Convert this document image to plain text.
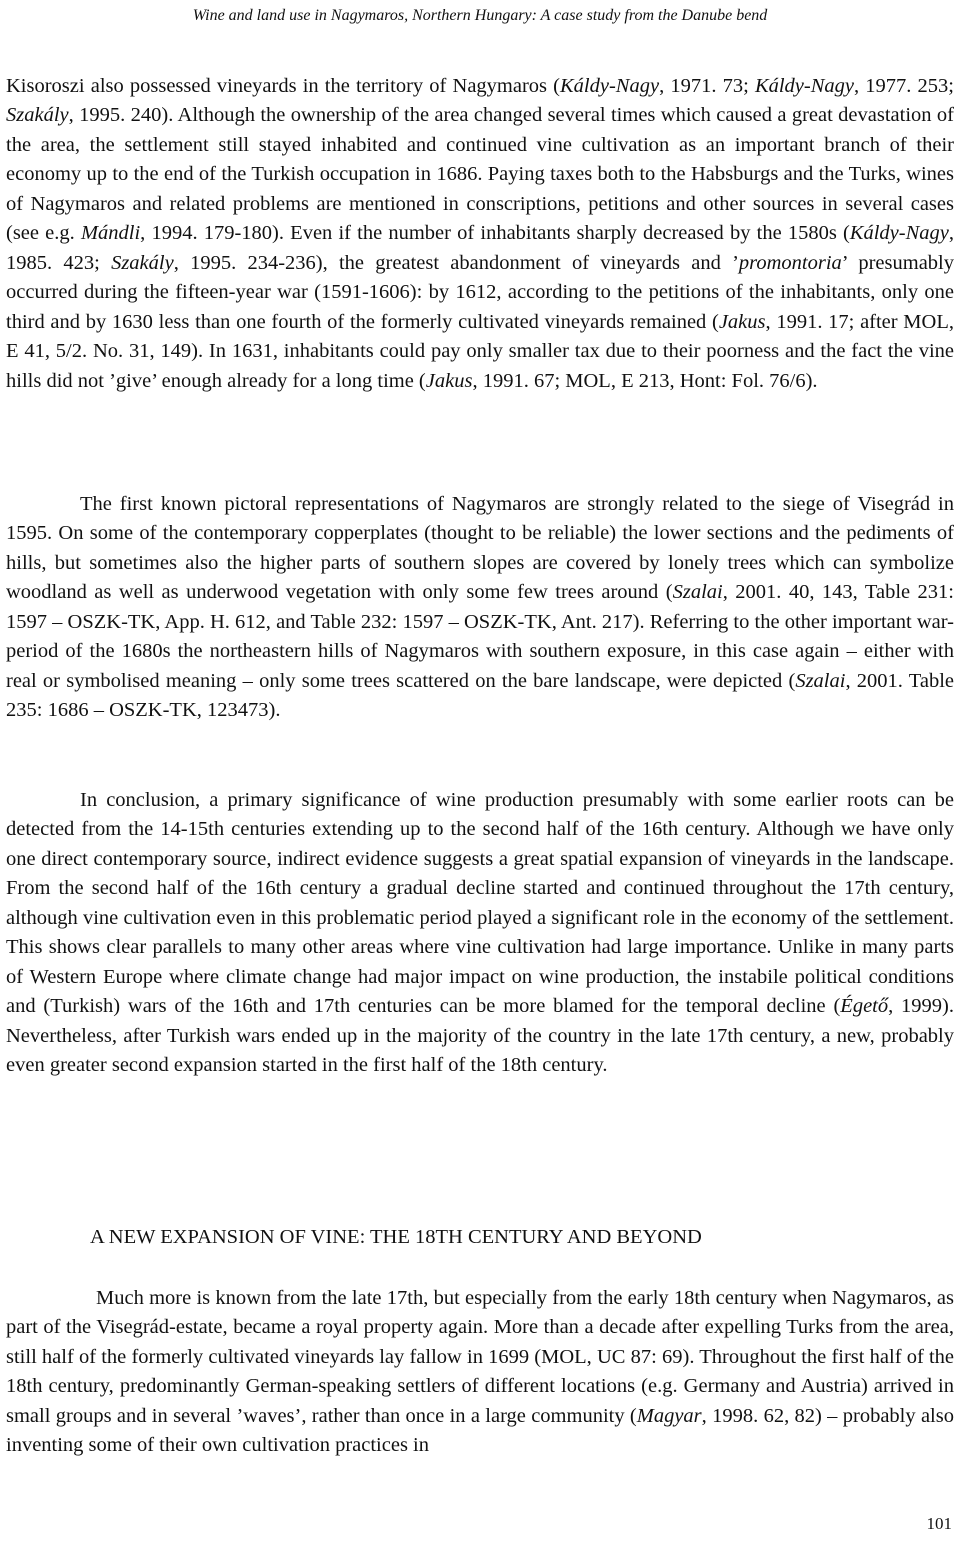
Wine and land use in Nagymaros, Northern Hungary: A case study from the Danube bend

Kisoroszi also possessed vineyards in the territory of Nagymaros (Káldy-Nagy, 1971. 73; Káldy-Nagy, 1977. 253; Szakály, 1995. 240). Although the ownership of the area changed several times which caused a great devastation of the area, the settlement still stayed inhabited and continued vine cultivation as an important branch of their economy up to the end of the Turkish occupation in 1686. Paying taxes both to the Habsburgs and the Turks, wines of Nagymaros and related problems are mentioned in conscriptions, petitions and other sources in several cases (see e.g. Mándli, 1994. 179-180). Even if the number of inhabitants sharply decreased by the 1580s (Káldy-Nagy, 1985. 423; Szakály, 1995. 234-236), the greatest abandonment of vineyards and ’promontoria’ presumably occurred during the fifteen-year war (1591-1606): by 1612, according to the petitions of the inhabitants, only one third and by 1630 less than one fourth of the formerly cultivated vineyards remained (Jakus, 1991. 17; after MOL, E 41, 5/2. No. 31, 149). In 1631, inhabitants could pay only smaller tax due to their poorness and the fact the vine hills did not ’give’ enough already for a long time (Jakus, 1991. 67; MOL, E 213, Hont: Fol. 76/6).

The first known pictoral representations of Nagymaros are strongly related to the siege of Visegrád in 1595. On some of the contemporary copperplates (thought to be reliable) the lower sections and the pediments of hills, but sometimes also the higher parts of southern slopes are covered by lonely trees which can symbolize woodland as well as underwood vegetation with only some few trees around (Szalai, 2001. 40, 143, Table 231: 1597 – OSZK-TK, App. H. 612, and Table 232: 1597 – OSZK-TK, Ant. 217). Referring to the other important war-period of the 1680s the northeastern hills of Nagymaros with southern exposure, in this case again – either with real or symbolised meaning – only some trees scattered on the bare landscape, were depicted (Szalai, 2001. Table 235: 1686 – OSZK-TK, 123473).

In conclusion, a primary significance of wine production presumably with some earlier roots can be detected from the 14-15th centuries extending up to the second half of the 16th century. Although we have only one direct contemporary source, indirect evidence suggests a great spatial expansion of vineyards in the landscape. From the second half of the 16th century a gradual decline started and continued throughout the 17th century, although vine cultivation even in this problematic period played a significant role in the economy of the settlement. This shows clear parallels to many other areas where vine cultivation had large importance. Unlike in many parts of Western Europe where climate change had major impact on wine production, the instabile political conditions and (Turkish) wars of the 16th and 17th centuries can be more blamed for the temporal decline (Égető, 1999). Nevertheless, after Turkish wars ended up in the majority of the country in the late 17th century, a new, probably even greater second expansion started in the first half of the 18th century.

A NEW EXPANSION OF VINE: THE 18TH CENTURY AND BEYOND

Much more is known from the late 17th, but especially from the early 18th century when Nagymaros, as part of the Visegrád-estate, became a royal property again. More than a decade after expelling Turks from the area, still half of the formerly cultivated vineyards lay fallow in 1699 (MOL, UC 87: 69). Throughout the first half of the 18th century, predominantly German-speaking settlers of different locations (e.g. Germany and Austria) arrived in small groups and in several ’waves’, rather than once in a large community (Magyar, 1998. 62, 82) – probably also inventing some of their own cultivation practices in

101
